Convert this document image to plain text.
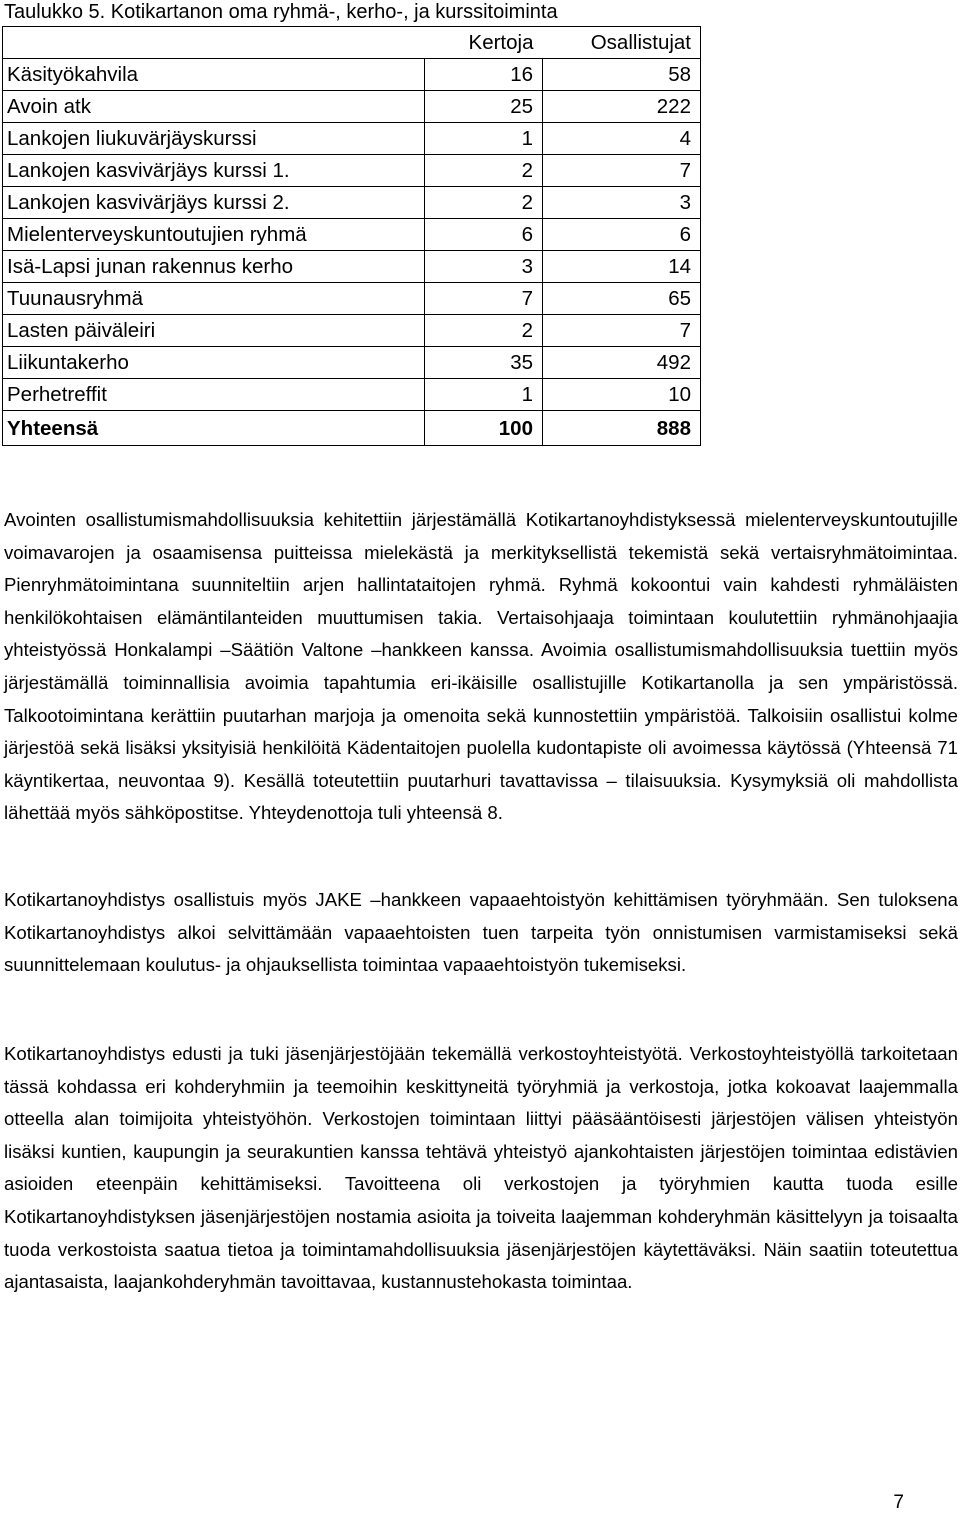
Taulukko 5. Kotikartanon oma ryhmä-, kerho-, ja kurssitoiminta
	Kertoja	Osallistujat
Käsityökahvila	16	58
Avoin atk	25	222
Lankojen liukuvärjäyskurssi	1	4
Lankojen kasvivärjäys kurssi 1.	2	7
Lankojen kasvivärjäys kurssi 2.	2	3
Mielenterveyskuntoutujien ryhmä	6	6
Isä-Lapsi junan rakennus kerho	3	14
Tuunausryhmä	7	65
Lasten päiväleiri	2	7
Liikuntakerho	35	492
Perhetreffit	1	10
Yhteensä	100	888

Avointen osallistumismahdollisuuksia kehitettiin järjestämällä Kotikartanoyhdistyksessä mielenterveyskuntoutujille voimavarojen ja osaamisensa puitteissa mielekästä ja merkityksellistä tekemistä sekä vertaisryhmätoimintaa. Pienryhmätoimintana suunniteltiin arjen hallintataitojen ryhmä. Ryhmä kokoontui vain kahdesti ryhmäläisten henkilökohtaisen elämäntilanteiden muuttumisen takia. Vertaisohjaaja toimintaan koulutettiin ryhmänohjaajia yhteistyössä Honkalampi –Säätiön Valtone –hankkeen kanssa. Avoimia osallistumismahdollisuuksia tuettiin myös järjestämällä toiminnallisia avoimia tapahtumia eri-ikäisille osallistujille Kotikartanolla ja sen ympäristössä. Talkootoimintana kerättiin puutarhan marjoja ja omenoita sekä kunnostettiin ympäristöä. Talkoisiin osallistui kolme järjestöä sekä lisäksi yksityisiä henkilöitä Kädentaitojen puolella kudontapiste oli avoimessa käytössä (Yhteensä 71 käyntikertaa, neuvontaa 9). Kesällä toteutettiin puutarhuri tavattavissa – tilaisuuksia. Kysymyksiä oli mahdollista lähettää myös sähköpostitse. Yhteydenottoja tuli yhteensä 8.

Kotikartanoyhdistys osallistuis myös JAKE –hankkeen vapaaehtoistyön kehittämisen työryhmään. Sen tuloksena Kotikartanoyhdistys alkoi selvittämään vapaaehtoisten tuen tarpeita työn onnistumisen varmistamiseksi sekä suunnittelemaan koulutus- ja ohjauksellista toimintaa vapaaehtoistyön tukemiseksi.

Kotikartanoyhdistys edusti ja tuki jäsenjärjestöjään tekemällä verkostoyhteistyötä. Verkostoyhteistyöllä tarkoitetaan tässä kohdassa eri kohderyhmiin ja teemoihin keskittyneitä työryhmiä ja verkostoja, jotka kokoavat laajemmalla otteella alan toimijoita yhteistyöhön. Verkostojen toimintaan liittyi pääsääntöisesti järjestöjen välisen yhteistyön lisäksi kuntien, kaupungin ja seurakuntien kanssa tehtävä yhteistyö ajankohtaisten järjestöjen toimintaa edistävien asioiden eteenpäin kehittämiseksi. Tavoitteena oli verkostojen ja työryhmien kautta tuoda esille Kotikartanoyhdistyksen jäsenjärjestöjen nostamia asioita ja toiveita laajemman kohderyhmän käsittelyyn ja toisaalta tuoda verkostoista saatua tietoa ja toimintamahdollisuuksia jäsenjärjestöjen käytettäväksi. Näin saatiin toteutettua ajantasaista, laajankohderyhmän tavoittavaa, kustannustehokasta toimintaa.

7
